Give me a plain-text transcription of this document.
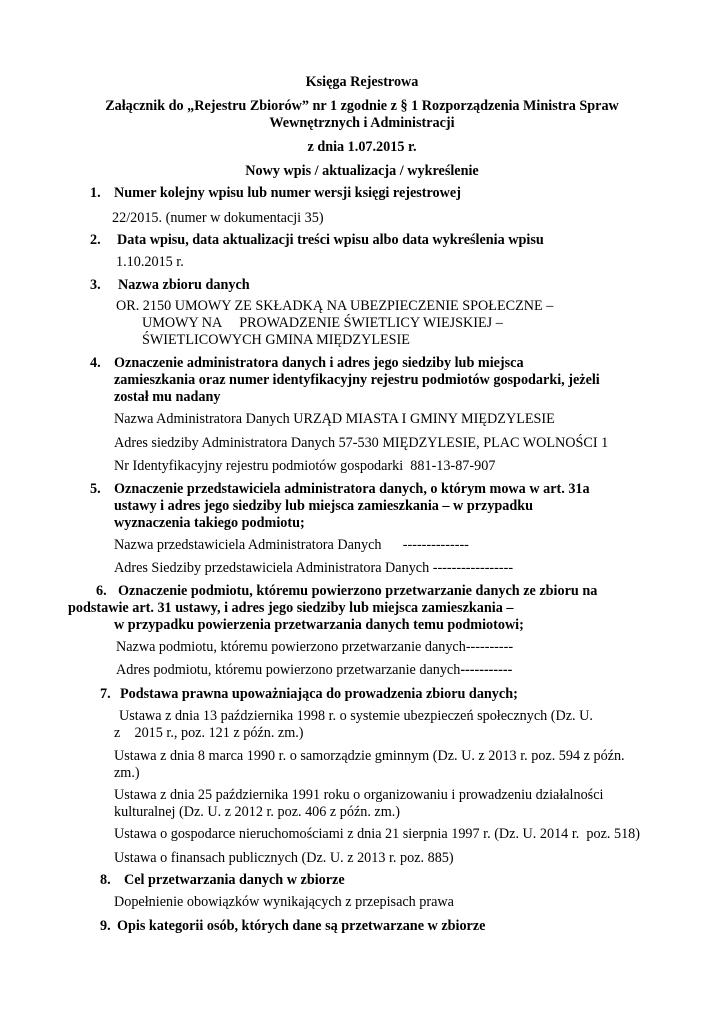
Księga Rejestrowa
Załącznik do „Rejestru Zbiorów” nr 1 zgodnie z § 1 Rozporządzenia Ministra Spraw
Wewnętrznych i Administracji
z dnia 1.07.2015 r.
Nowy wpis / aktualizacja / wykreślenie
1. Numer kolejny wpisu lub numer wersji księgi rejestrowej
22/2015. (numer w dokumentacji 35)
2. Data wpisu, data aktualizacji treści wpisu albo data wykreślenia wpisu
1.10.2015 r.
3. Nazwa zbioru danych
OR. 2150 UMOWY ZE SKŁADKĄ NA UBEZPIECZENIE SPOŁECZNE –
UMOWY NA     PROWADZENIE ŚWIETLICY WIEJSKIEJ –
ŚWIETLICOWYCH GMINA MIĘDZYLESIE
4. Oznaczenie administratora danych i adres jego siedziby lub miejsca
zamieszkania oraz numer identyfikacyjny rejestru podmiotów gospodarki, jeżeli
został mu nadany
Nazwa Administratora Danych URZĄD MIASTA I GMINY MIĘDZYLESIE
Adres siedziby Administratora Danych 57-530 MIĘDZYLESIE, PLAC WOLNOŚCI 1
Nr Identyfikacyjny rejestru podmiotów gospodarki  881-13-87-907
5. Oznaczenie przedstawiciela administratora danych, o którym mowa w art. 31a
ustawy i adres jego siedziby lub miejsca zamieszkania – w przypadku
wyznaczenia takiego podmiotu;
Nazwa przedstawiciela Administratora Danych      --------------
Adres Siedziby przedstawiciela Administratora Danych -----------------
6. Oznaczenie podmiotu, któremu powierzono przetwarzanie danych ze zbioru na
podstawie art. 31 ustawy, i adres jego siedziby lub miejsca zamieszkania –
w przypadku powierzenia przetwarzania danych temu podmiotowi;
Nazwa podmiotu, któremu powierzono przetwarzanie danych----------
Adres podmiotu, któremu powierzono przetwarzanie danych-----------
7. Podstawa prawna upoważniająca do prowadzenia zbioru danych;
Ustawa z dnia 13 października 1998 r. o systemie ubezpieczeń społecznych (Dz. U.
z    2015 r., poz. 121 z późn. zm.)
Ustawa z dnia 8 marca 1990 r. o samorządzie gminnym (Dz. U. z 2013 r. poz. 594 z późn.
zm.)
Ustawa z dnia 25 października 1991 roku o organizowaniu i prowadzeniu działalności
kulturalnej (Dz. U. z 2012 r. poz. 406 z późn. zm.)
Ustawa o gospodarce nieruchomościami z dnia 21 sierpnia 1997 r. (Dz. U. 2014 r.  poz. 518)
Ustawa o finansach publicznych (Dz. U. z 2013 r. poz. 885)
8. Cel przetwarzania danych w zbiorze
Dopełnienie obowiązków wynikających z przepisach prawa
9. Opis kategorii osób, których dane są przetwarzane w zbiorze
